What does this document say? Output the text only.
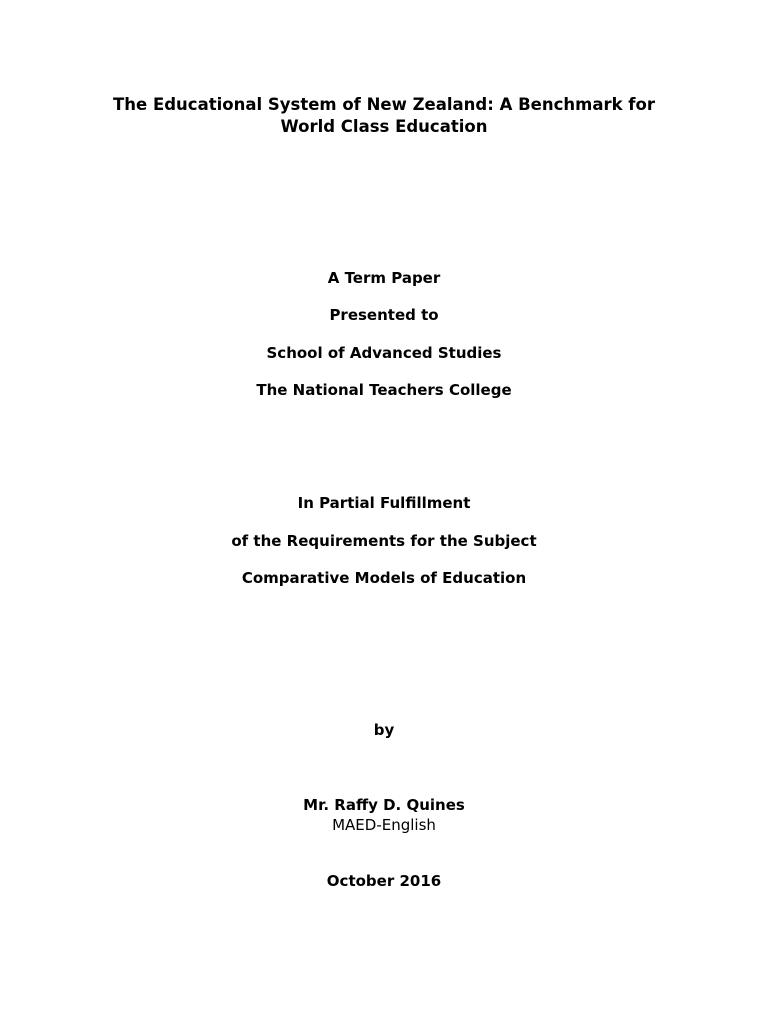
The Educational System of New Zealand: A Benchmark for
World Class Education
A Term Paper
Presented to
School of Advanced Studies
The National Teachers College
In Partial Fulfillment
of the Requirements for the Subject
Comparative Models of Education
by
Mr. Raffy D. Quines
MAED-English
October 2016
